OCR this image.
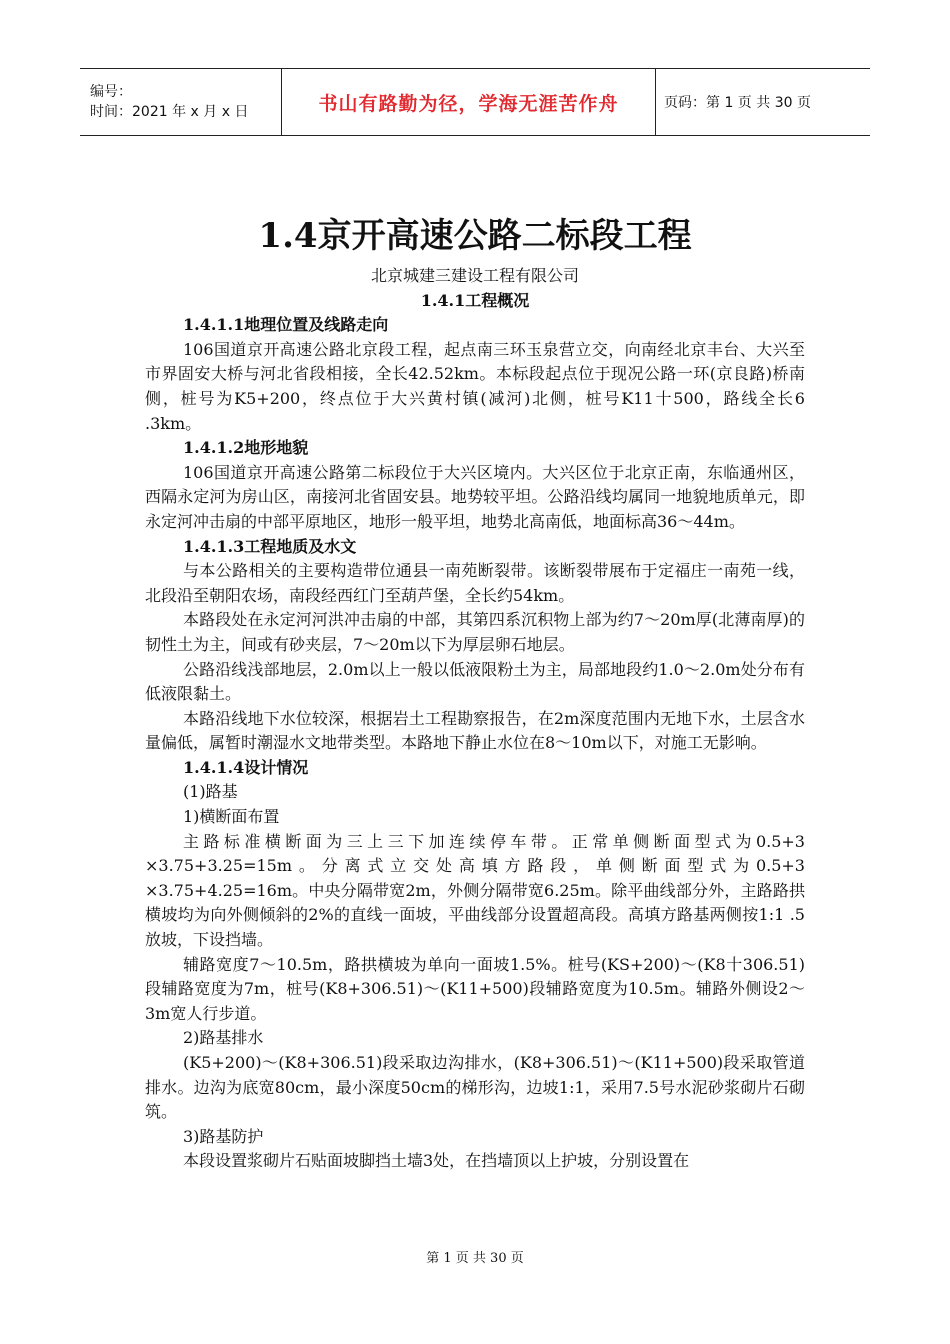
编号：
时间：2021 年 x 月 x 日	书山有路勤为径，学海无涯苦作舟	页码：第 1 页 共 30 页
1.4京开高速公路二标段工程
北京城建三建设工程有限公司
1.4.1工程概况
1.4.1.1地理位置及线路走向
106国道京开高速公路北京段工程，起点南三环玉泉营立交，向南经北京丰台、大兴至市界固安大桥与河北省段相接，全长42.52km。本标段起点位于现况公路一环(京良路)桥南侧，桩号为K5+200，终点位于大兴黄村镇(减河)北侧，桩号K11十500，路线全长6 .3km。
1.4.1.2地形地貌
106国道京开高速公路第二标段位于大兴区境内。大兴区位于北京正南，东临通州区，西隔永定河为房山区，南接河北省固安县。地势较平坦。公路沿线均属同一地貌地质单元，即永定河冲击扇的中部平原地区，地形一般平坦，地势北高南低，地面标高36～44m。
1.4.1.3工程地质及水文
与本公路相关的主要构造带位通县一南苑断裂带。该断裂带展布于定福庄一南苑一线，北段沿至朝阳农场，南段经西红门至葫芦堡，全长约54km。
本路段处在永定河河洪冲击扇的中部，其第四系沉积物上部为约7～20m厚(北薄南厚)的韧性土为主，间或有砂夹层，7～20m以下为厚层卵石地层。
公路沿线浅部地层，2.0m以上一般以低液限粉土为主，局部地段约1.0～2.0m处分布有低液限黏土。
本路沿线地下水位较深，根据岩土工程勘察报告，在2m深度范围内无地下水，土层含水量偏低，属暂时潮湿水文地带类型。本路地下静止水位在8～10m以下，对施工无影响。
1.4.1.4设计情况
(1)路基
1)横断面布置
主路标准横断面为三上三下加连续停车带。正常单侧断面型式为0.5+3 ×3.75+3.25=15m。分离式立交处高填方路段，单侧断面型式为0.5+3 ×3.75+4.25=16m。中央分隔带宽2m，外侧分隔带宽6.25m。除平曲线部分外，主路路拱横坡均为向外侧倾斜的2%的直线一面坡，平曲线部分设置超高段。高填方路基两侧按1:1 .5放坡，下设挡墙。
辅路宽度7～10.5m，路拱横坡为单向一面坡1.5%。桩号(KS+200)～(K8十306.51)段辅路宽度为7m，桩号(K8+306.51)～(K11+500)段辅路宽度为10.5m。辅路外侧设2～3m宽人行步道。
2)路基排水
(K5+200)～(K8+306.51)段采取边沟排水，(K8+306.51)～(K11+500)段采取管道排水。边沟为底宽80cm，最小深度50cm的梯形沟，边坡1:1，采用7.5号水泥砂浆砌片石砌筑。
3)路基防护
本段设置浆砌片石贴面坡脚挡土墙3处，在挡墙顶以上护坡，分别设置在
第 1 页 共 30 页
